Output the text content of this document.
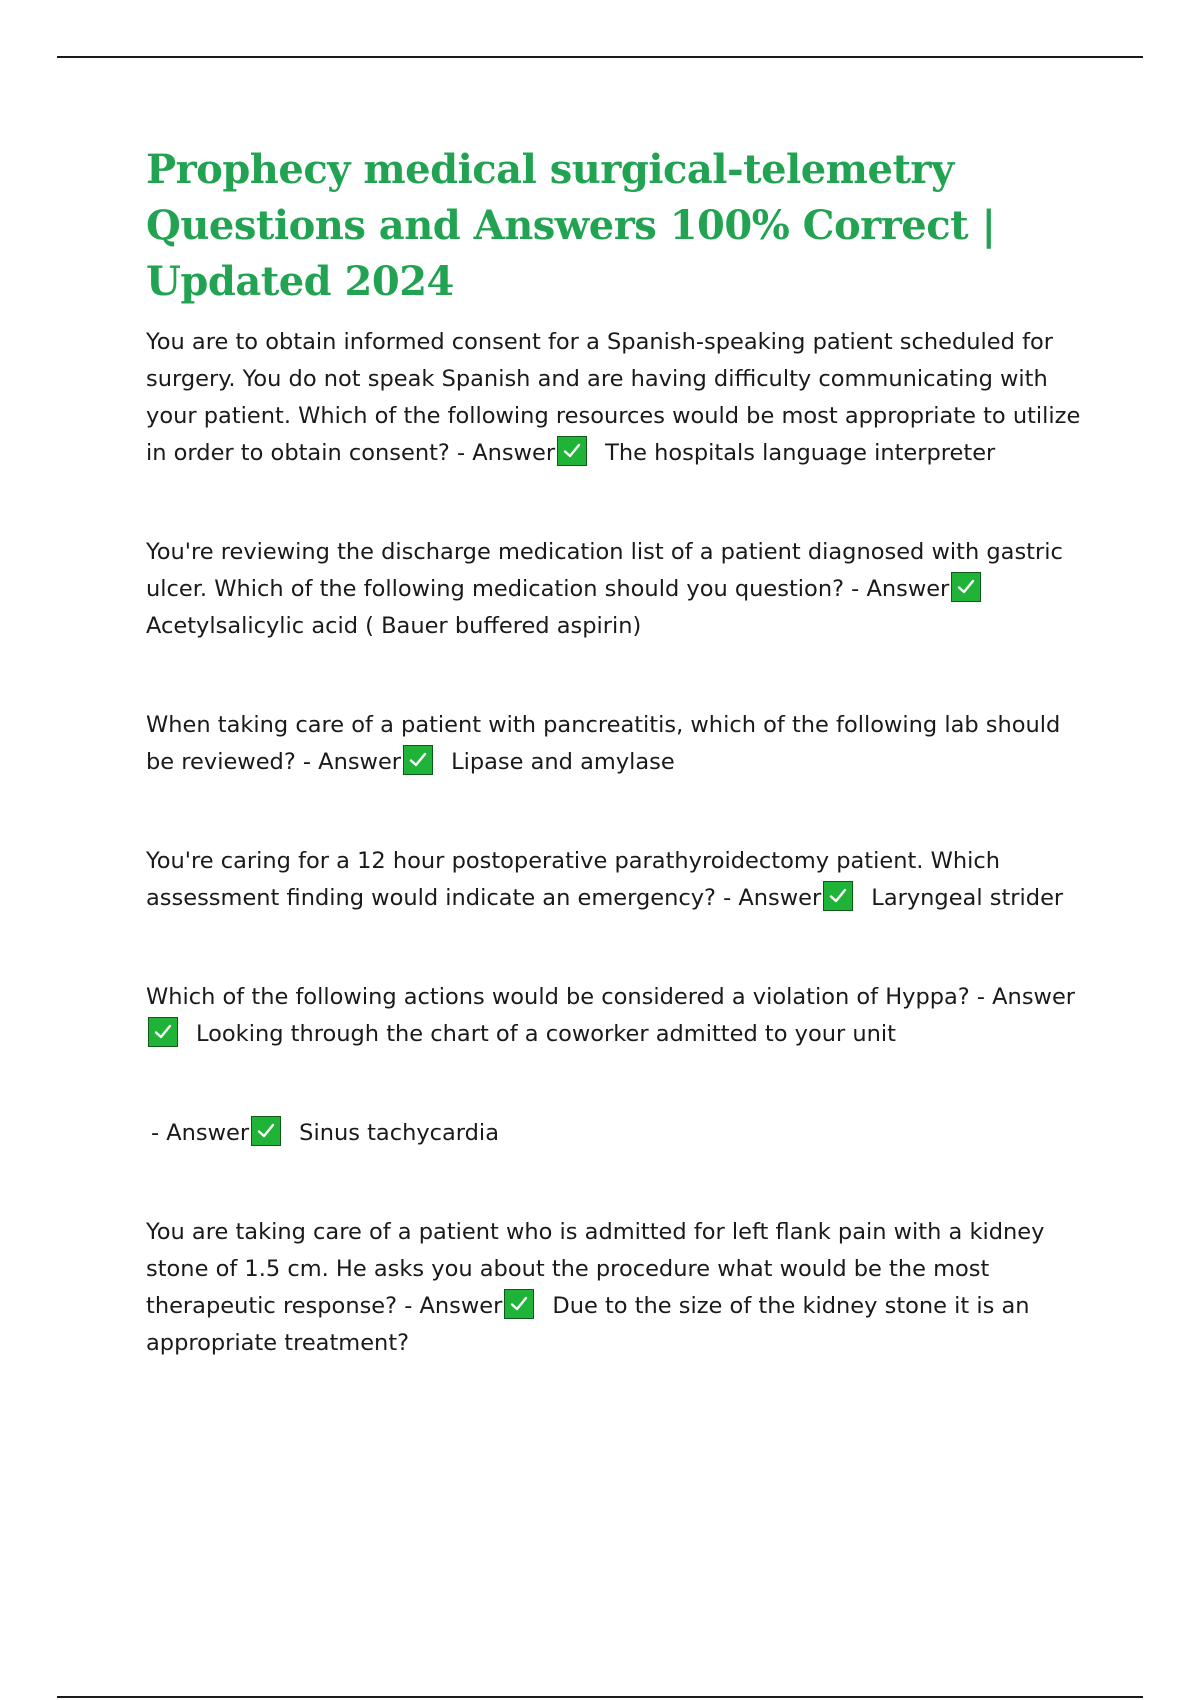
Prophecy medical surgical-telemetry Questions and Answers 100% Correct | Updated 2024

You are to obtain informed consent for a Spanish-speaking patient scheduled for surgery. You do not speak Spanish and are having difficulty communicating with your patient. Which of the following resources would be most appropriate to utilize in order to obtain consent? - Answer The hospitals language interpreter

You're reviewing the discharge medication list of a patient diagnosed with gastric ulcer. Which of the following medication should you question? - Answer
Acetylsalicylic acid ( Bauer buffered aspirin)

When taking care of a patient with pancreatitis, which of the following lab should be reviewed? - Answer Lipase and amylase

You're caring for a 12 hour postoperative parathyroidectomy patient. Which assessment finding would indicate an emergency? - Answer Laryngeal strider

Which of the following actions would be considered a violation of Hyppa? - Answer
Looking through the chart of a coworker admitted to your unit

- Answer Sinus tachycardia

You are taking care of a patient who is admitted for left flank pain with a kidney stone of 1.5 cm. He asks you about the procedure what would be the most therapeutic response? - Answer Due to the size of the kidney stone it is an appropriate treatment?
